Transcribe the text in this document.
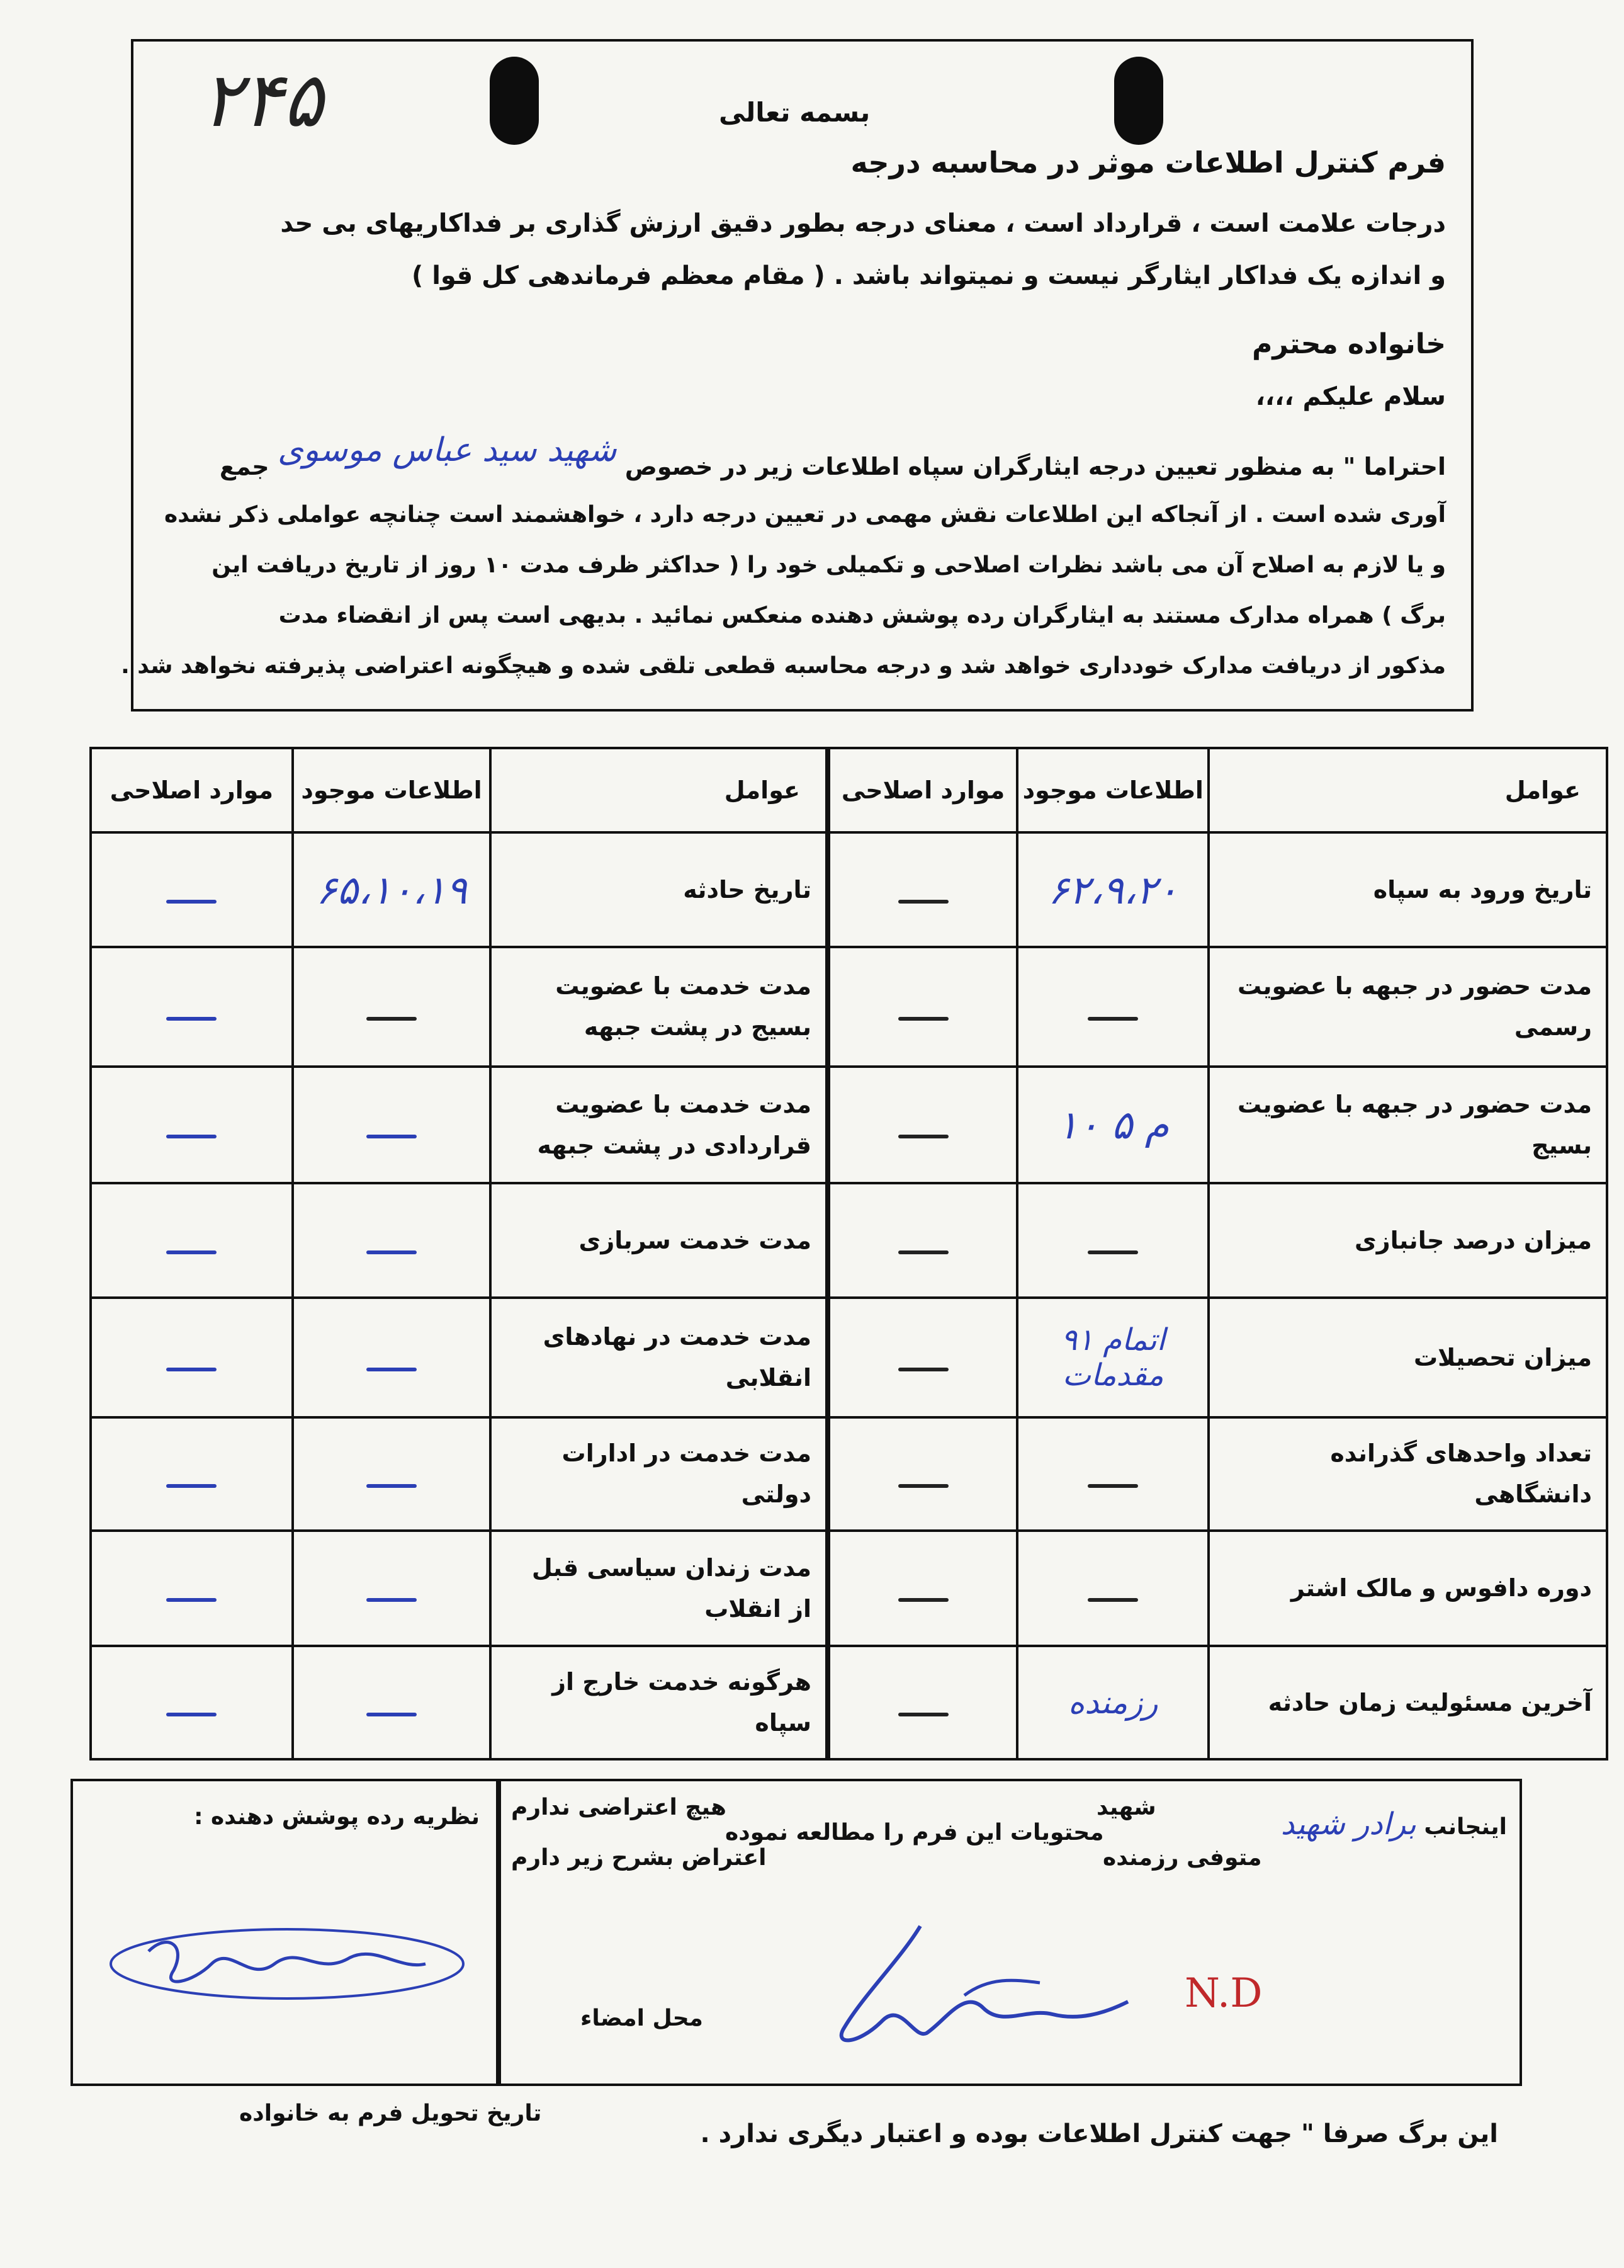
۲۴۵	بسمه تعالی
فرم کنترل اطلاعات موثر در محاسبه درجه
درجات علامت است ، قرارداد است ، معنای درجه بطور دقیق ارزش گذاری بر فداکاریهای بی حد
و اندازه یک فداکار ایثارگر نیست و نمیتواند باشد . ( مقام معظم فرماندهی کل قوا )
خانواده محترم
سلام علیکم ،،،،
احتراما " به منظور تعیین درجه ایثارگران سپاه اطلاعات زیر در خصوص شهید سید عباس موسوی جمع
آوری شده است . از آنجاکه این اطلاعات نقش مهمی در تعیین درجه دارد ، خواهشمند است چنانچه عواملی ذکر نشده
و یا لازم به اصلاح آن می باشد نظرات اصلاحی و تکمیلی خود را ( حداکثر ظرف مدت ۱۰ روز از تاریخ دریافت این
برگ ) همراه مدارک مستند به ایثارگران رده پوشش دهنده منعکس نمائید . بدیهی است پس از انقضاء مدت
مذکور از دریافت مدارک خودداری خواهد شد و درجه محاسبه قطعی تلقی شده و هیچگونه اعتراضی پذیرفته نخواهد شد .
موارد اصلاحی	اطلاعات موجود	عوامل
	۶۲،۹،۲۰	تاریخ ورود به سپاه
		مدت حضور در جبهه با عضویت رسمی
	۱۰ م ۵	مدت حضور در جبهه با عضویت بسیج
		میزان درصد جانبازی
	۹۱ اتمام مقدمات	میزان تحصیلات
		تعداد واحدهای گذرانده دانشگاهی
		دوره دافوس و مالک اشتر
	رزمنده	آخرین مسئولیت زمان حادثه
موارد اصلاحی	اطلاعات موجود	عوامل
	۶۵،۱۰،۱۹	تاریخ حادثه
		مدت خدمت با عضویت بسیج در پشت جبهه
		مدت خدمت با عضویت قراردادی در پشت جبهه
		مدت خدمت سربازی
		مدت خدمت در نهادهای انقلابی
		مدت خدمت در ادارات دولتی
		مدت زندان سیاسی قبل از انقلاب
		هرگونه خدمت خارج از سپاه
اینجانب برادر شهید
شهید
متوفی رزمنده
محتویات این فرم را مطالعه نموده
هیچ اعتراضی ندارم
اعتراض بشرح زیر دارم
محل امضاء
N.D
نظریه رده پوشش دهنده :
این برگ صرفا " جهت کنترل اطلاعات بوده و اعتبار دیگری ندارد .
تاریخ تحویل فرم به خانواده
